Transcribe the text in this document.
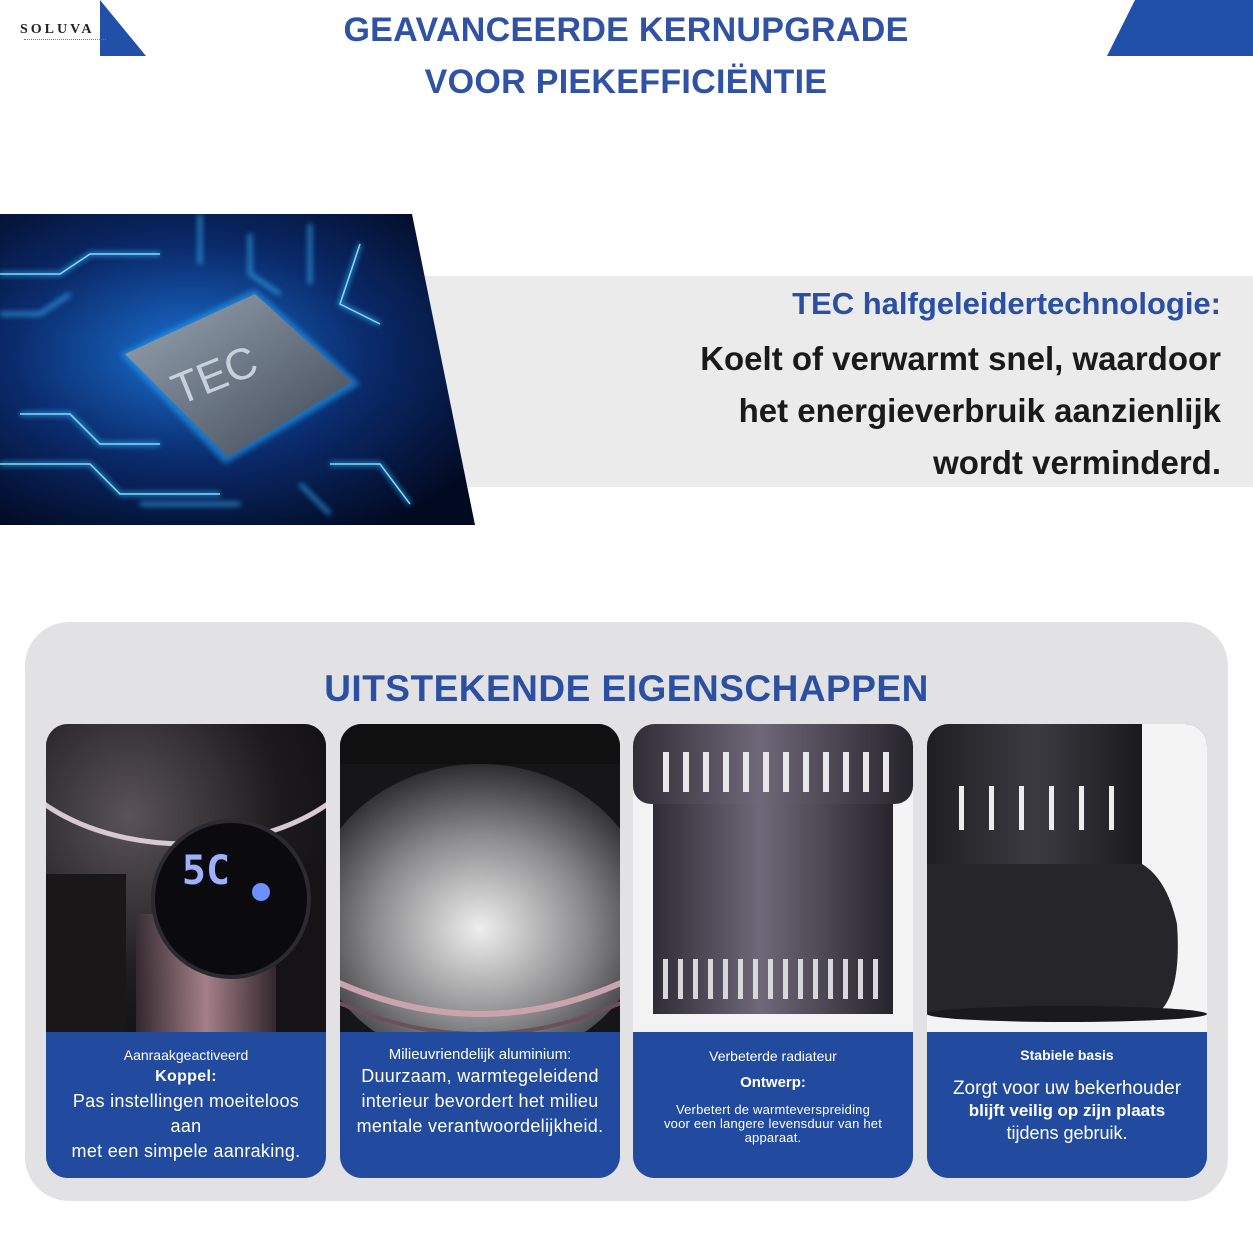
SOLUVA	GEAVANCEERDE KERNUPGRADE
VOOR PIEKEFFICIËNTIE
TEC
TEC halfgeleidertechnologie:
Koelt of verwarmt snel, waardoor
het energieverbruik aanzienlijk
wordt verminderd.
UITSTEKENDE EIGENSCHAPPEN
5C
Aanraakgeactiveerd
Koppel:
Pas instellingen moeiteloos
aan
met een simpele aanraking.
Milieuvriendelijk aluminium:
Duurzaam, warmtegeleidend
interieur bevordert het milieu
mentale verantwoordelijkheid.
Verbeterde radiateur
Ontwerp:
Verbetert de warmteverspreiding
voor een langere levensduur van het
apparaat.
Stabiele basis
Zorgt voor uw bekerhouder
blijft veilig op zijn plaats
tijdens gebruik.
